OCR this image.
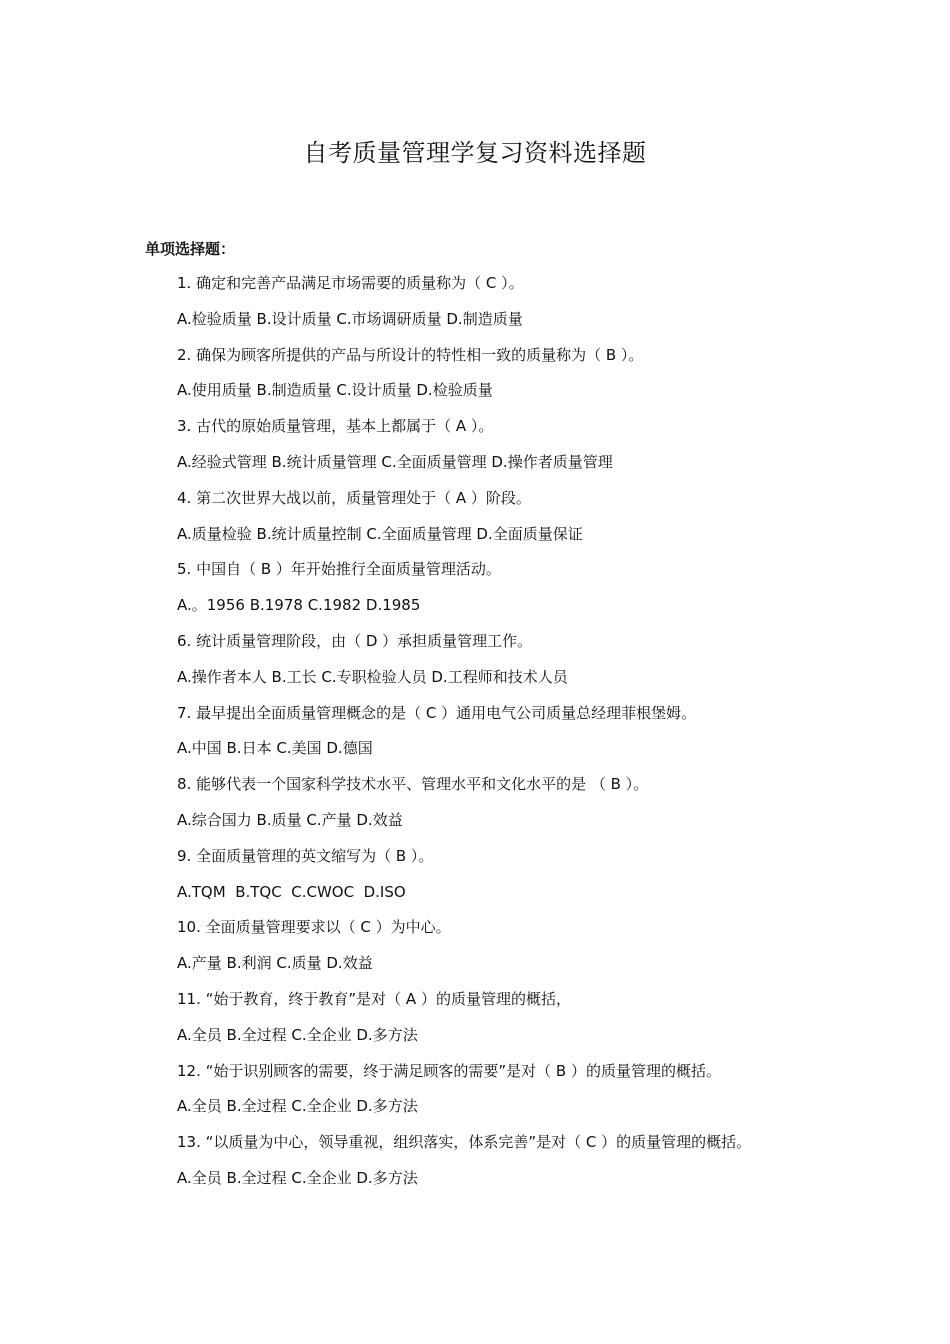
自考质量管理学复习资料选择题
单项选择题：
1. 确定和完善产品满足市场需要的质量称为（ C ）。
A.检验质量 B.设计质量 C.市场调研质量 D.制造质量
2. 确保为顾客所提供的产品与所设计的特性相一致的质量称为（ B ）。
A.使用质量 B.制造质量 C.设计质量 D.检验质量
3. 古代的原始质量管理，基本上都属于（ A ）。
A.经验式管理 B.统计质量管理 C.全面质量管理 D.操作者质量管理
4. 第二次世界大战以前，质量管理处于（ A ）阶段。
A.质量检验 B.统计质量控制 C.全面质量管理 D.全面质量保证
5. 中国自（ B ）年开始推行全面质量管理活动。
A.。1956 B.1978 C.1982 D.1985
6. 统计质量管理阶段，由（ D ）承担质量管理工作。
A.操作者本人 B.工长 C.专职检验人员 D.工程师和技术人员
7. 最早提出全面质量管理概念的是（ C ）通用电气公司质量总经理菲根堡姆。
A.中国 B.日本 C.美国 D.德国
8. 能够代表一个国家科学技术水平、管理水平和文化水平的是 （ B ）。
A.综合国力 B.质量 C.产量 D.效益
9. 全面质量管理的英文缩写为（ B ）。
A.TQM  B.TQC  C.CWOC  D.ISO
10. 全面质量管理要求以（ C ）为中心。
A.产量 B.利润 C.质量 D.效益
11. “始于教育，终于教育”是对（ A ）的质量管理的概括，
A.全员 B.全过程 C.全企业 D.多方法
12. “始于识别顾客的需要，终于满足顾客的需要”是对（ B ）的质量管理的概括。
A.全员 B.全过程 C.全企业 D.多方法
13. “以质量为中心，领导重视，组织落实，体系完善”是对（ C ）的质量管理的概括。
A.全员 B.全过程 C.全企业 D.多方法
